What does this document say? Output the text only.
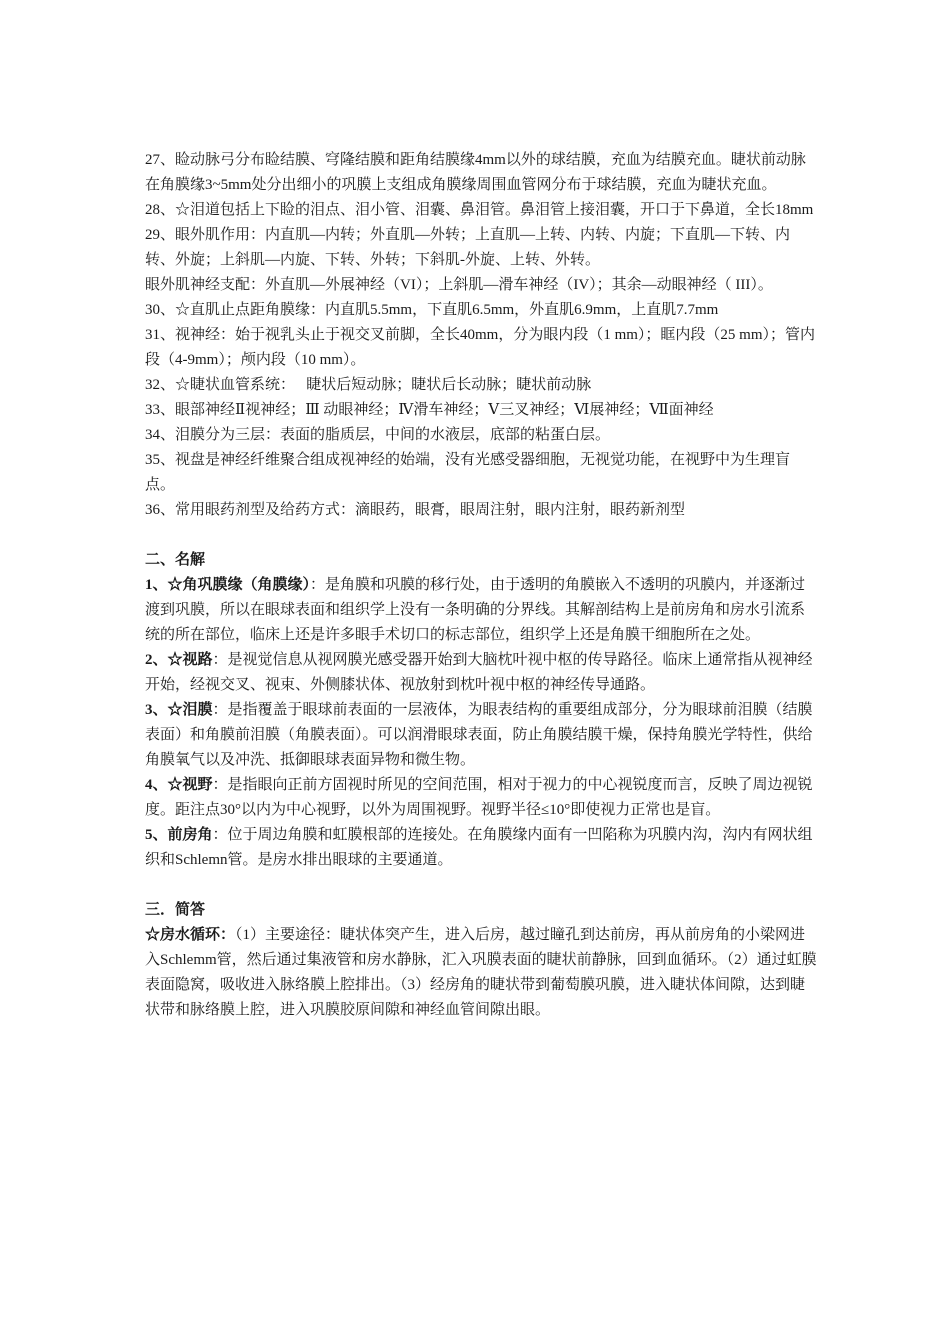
27、睑动脉弓分布睑结膜、穹隆结膜和距角结膜缘4mm以外的球结膜，充血为结膜充血。睫状前动脉在角膜缘3~5mm处分出细小的巩膜上支组成角膜缘周围血管网分布于球结膜，充血为睫状充血。

28、☆泪道包括上下睑的泪点、泪小管、泪囊、鼻泪管。鼻泪管上接泪囊，开口于下鼻道，全长18mm

29、眼外肌作用：内直肌—内转；外直肌—外转；上直肌—上转、内转、内旋；下直肌—下转、内转、外旋；上斜肌—内旋、下转、外转；下斜肌-外旋、上转、外转。

眼外肌神经支配：外直肌—外展神经（VI）；上斜肌—滑车神经（IV）；其余—动眼神经（ III）。

30、☆直肌止点距角膜缘：内直肌5.5mm，下直肌6.5mm，外直肌6.9mm，上直肌7.7mm

31、视神经：始于视乳头止于视交叉前脚，全长40mm，分为眼内段（1 mm）；眶内段（25 mm）；管内段（4-9mm）；颅内段（10 mm）。

32、☆睫状血管系统：   睫状后短动脉；睫状后长动脉；睫状前动脉

33、眼部神经Ⅱ视神经；Ⅲ 动眼神经；Ⅳ滑车神经；Ⅴ三叉神经；Ⅵ展神经；Ⅶ面神经

34、泪膜分为三层：表面的脂质层，中间的水液层，底部的粘蛋白层。

35、视盘是神经纤维聚合组成视神经的始端，没有光感受器细胞，无视觉功能，在视野中为生理盲点。

36、常用眼药剂型及给药方式：滴眼药，眼膏，眼周注射，眼内注射，眼药新剂型

二、名解

1、☆角巩膜缘（角膜缘）：是角膜和巩膜的移行处，由于透明的角膜嵌入不透明的巩膜内，并逐渐过渡到巩膜，所以在眼球表面和组织学上没有一条明确的分界线。其解剖结构上是前房角和房水引流系统的所在部位，临床上还是许多眼手术切口的标志部位，组织学上还是角膜干细胞所在之处。

2、☆视路：是视觉信息从视网膜光感受器开始到大脑枕叶视中枢的传导路径。临床上通常指从视神经开始，经视交叉、视束、外侧膝状体、视放射到枕叶视中枢的神经传导通路。

3、☆泪膜：是指覆盖于眼球前表面的一层液体，为眼表结构的重要组成部分，分为眼球前泪膜（结膜表面）和角膜前泪膜（角膜表面）。可以润滑眼球表面，防止角膜结膜干燥，保持角膜光学特性，供给角膜氧气以及冲洗、抵御眼球表面异物和微生物。

4、☆视野：是指眼向正前方固视时所见的空间范围，相对于视力的中心视锐度而言，反映了周边视锐度。距注点30°以内为中心视野，以外为周围视野。视野半径≤10°即使视力正常也是盲。

5、前房角：位于周边角膜和虹膜根部的连接处。在角膜缘内面有一凹陷称为巩膜内沟，沟内有网状组织和Schlemn管。是房水排出眼球的主要通道。

三．简答

☆房水循环：（1）主要途径：睫状体突产生，进入后房，越过瞳孔到达前房，再从前房角的小梁网进入Schlemm管，然后通过集液管和房水静脉，汇入巩膜表面的睫状前静脉，回到血循环。（2）通过虹膜表面隐窝，吸收进入脉络膜上腔排出。（3）经房角的睫状带到葡萄膜巩膜，进入睫状体间隙，达到睫状带和脉络膜上腔，进入巩膜胶原间隙和神经血管间隙出眼。
